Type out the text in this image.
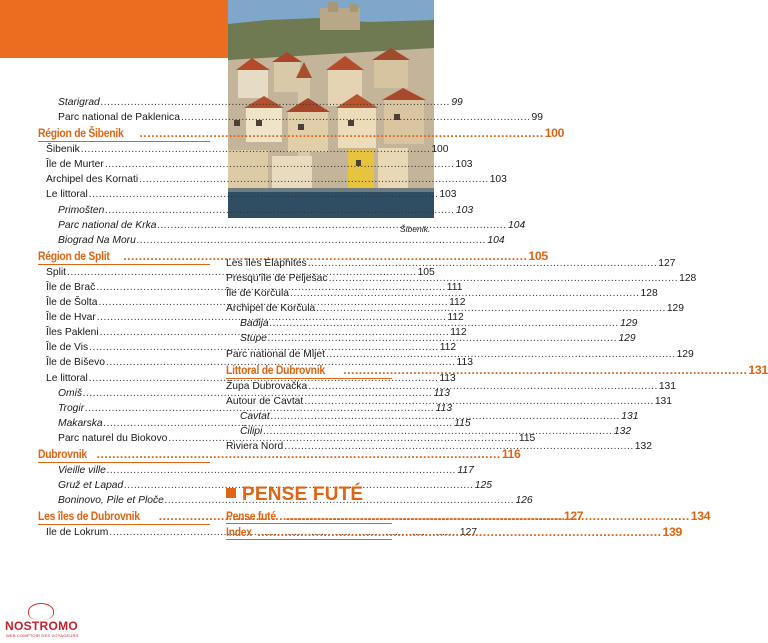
© XBRCKS - ISTOCKPHOTO
Šibenik.
Starigrad .....	99
Parc national de Paklenica .....	99
Région de Šibenik .....	100
Šibenik .....	100
Île de Murter .....	103
Archipel des Kornati .....	103
Le littoral .....	103
Primošten .....	103
Parc national de Krka .....	104
Biograd Na Moru .....	104
Région de Split .....	105
Split .....	105
Île de Brač .....	111
Île de Šolta .....	112
Île de Hvar .....	112
Îles Pakleni .....	112
Île de Vis .....	112
Île de Biševo .....	113
Le littoral .....	113
Omiš .....	113
Trogir .....	113
Makarska .....	115
Parc naturel du Biokovo .....	115
Dubrovnik .....	116
Vieille ville .....	117
Gruž et Lapad .....	125
Boninovo, Pile et Ploče .....	126
Les îles de Dubrovnik .....	127
Ile de Lokrum .....	127
Les îles Élaphites .....	127
Presqu'île de Pelješac .....	128
Île de Korčula .....	128
Archipel de Korčula .....	129
Badija .....	129
Stupe .....	129
Parc national de Mljet .....	129
Littoral de Dubrovnik .....	131
Župa Dubrovačka .....	131
Autour de Cavtat .....	131
Cavtat .....	131
Čilipi .....	132
Riviera Nord .....	132
PENSE FUTÉ
Pense futé .....	134
Index .....	139
NOSTROMO
WEB COMPTOIR DES VOYAGEURS
